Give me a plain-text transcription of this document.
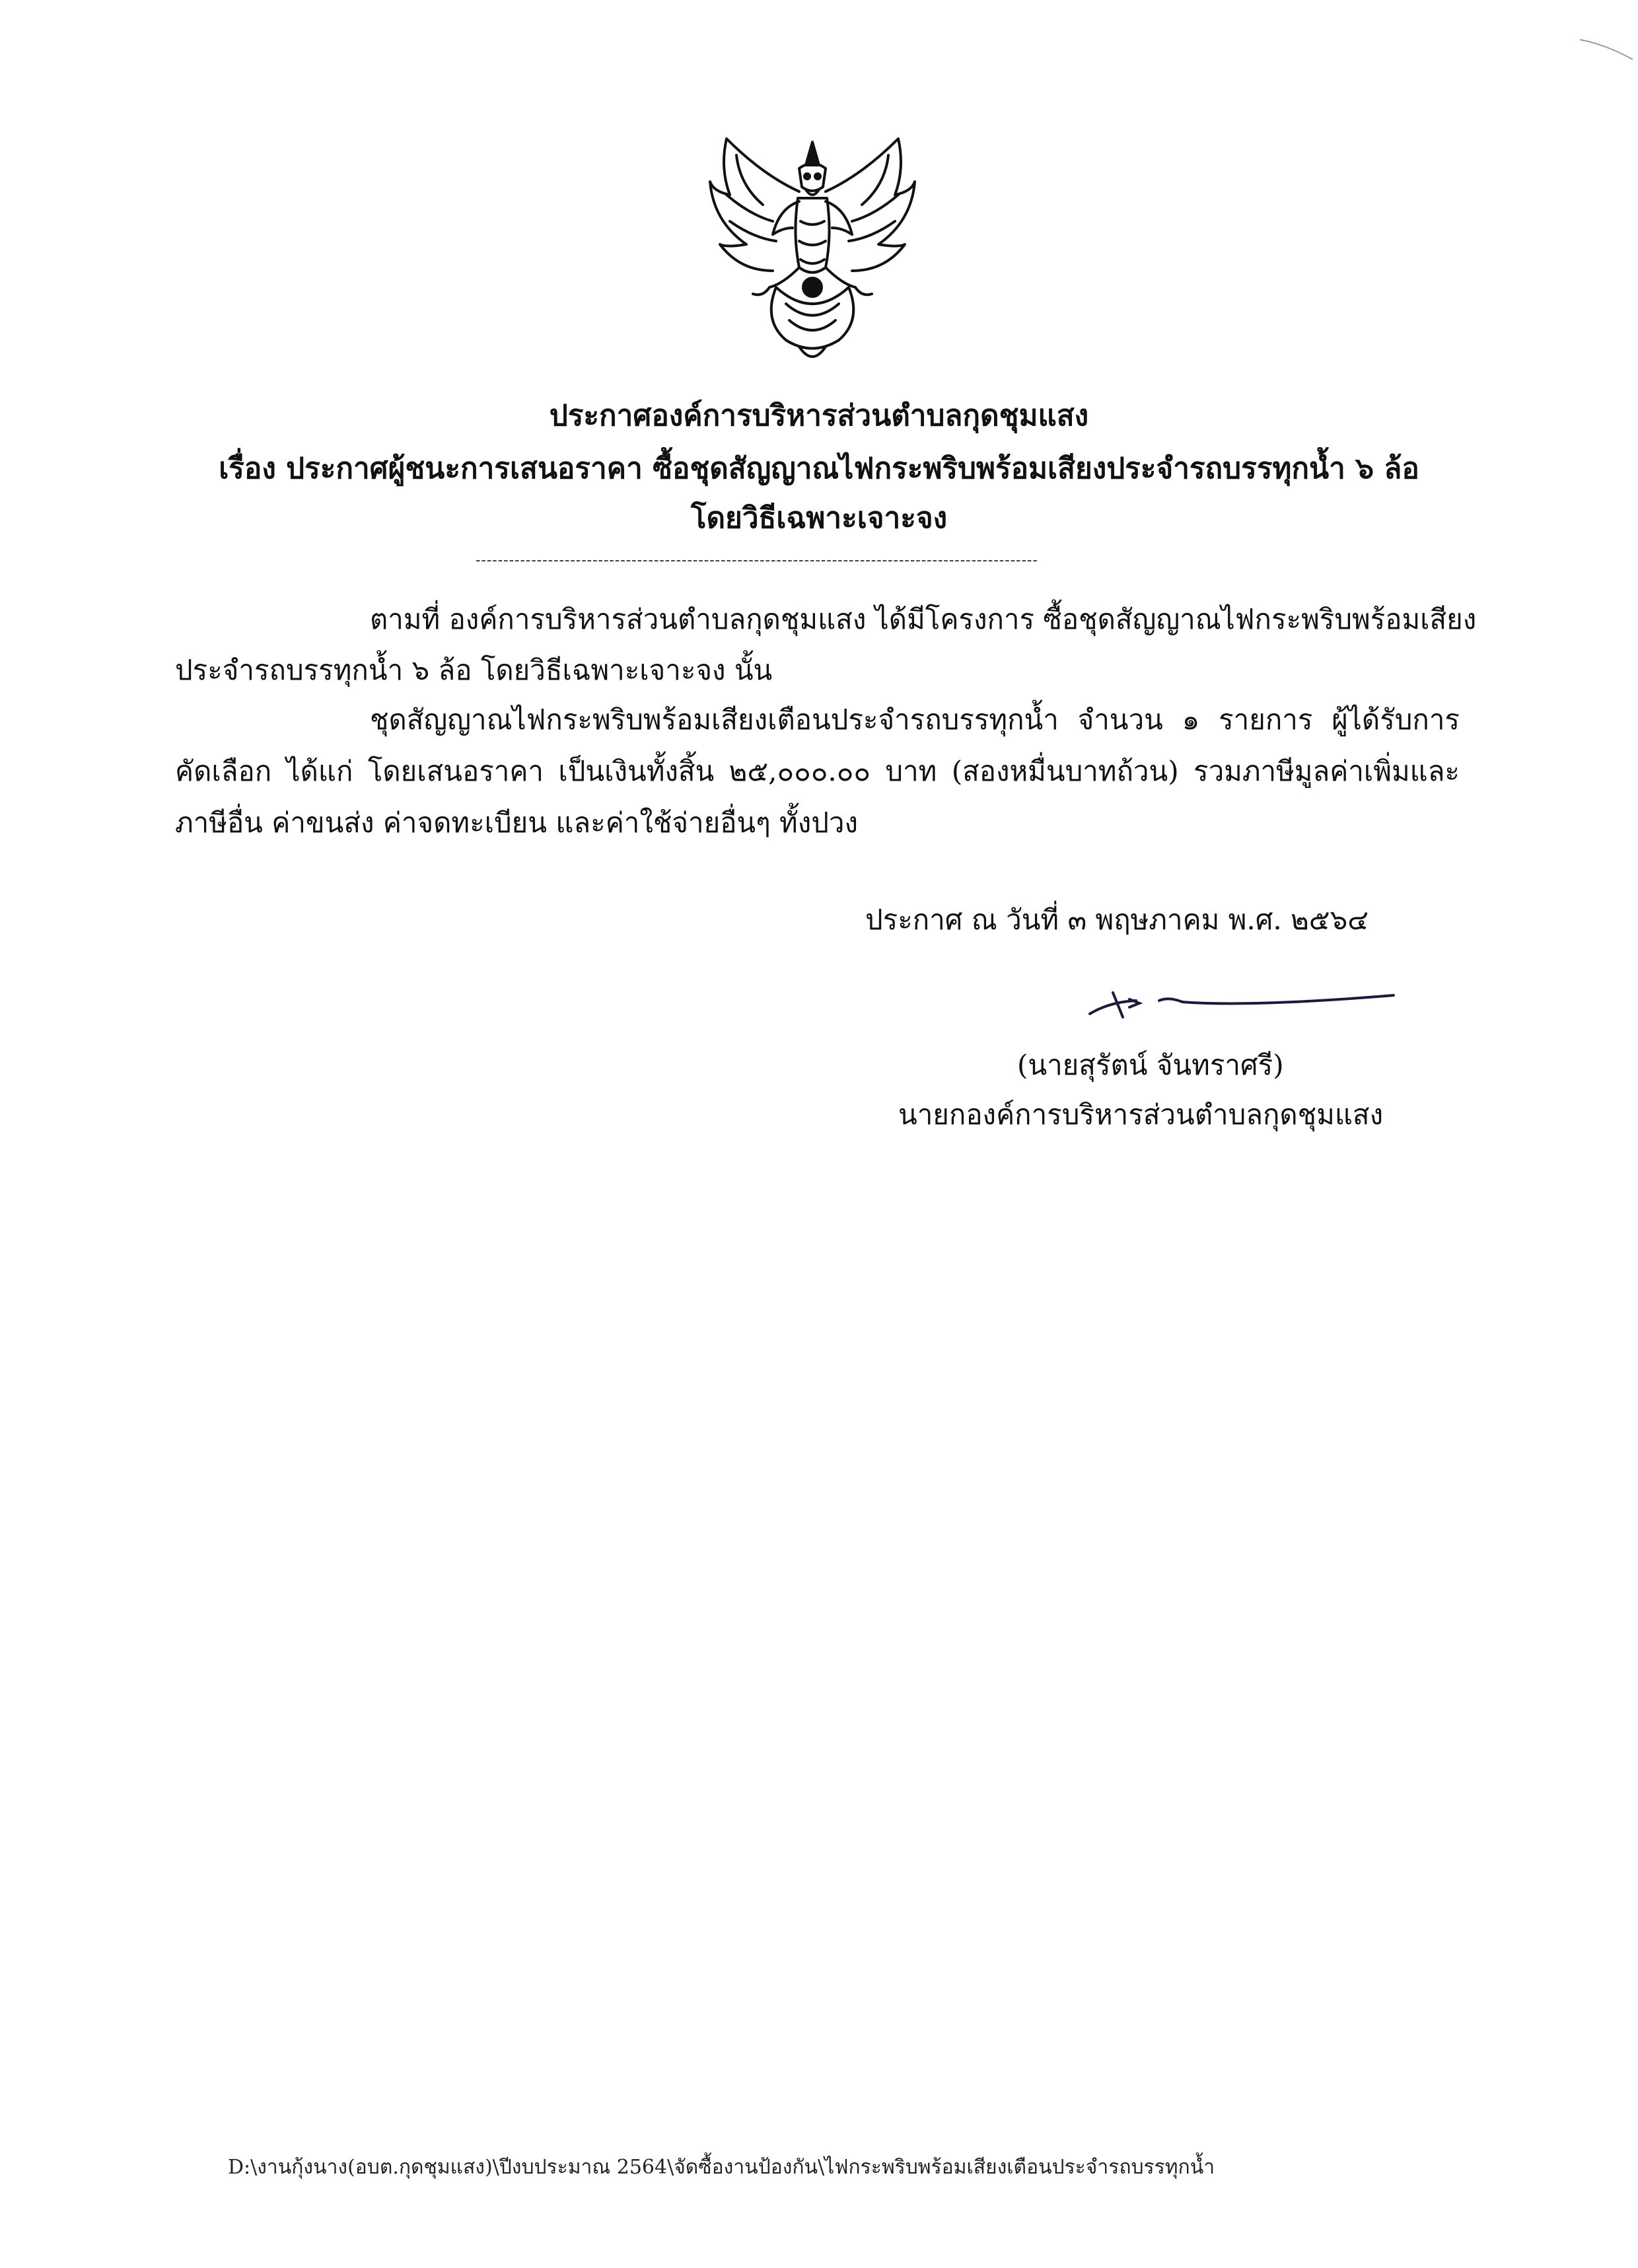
ประกาศองค์การบริหารส่วนตำบลกุดชุมแสง
เรื่อง ประกาศผู้ชนะการเสนอราคา ซื้อชุดสัญญาณไฟกระพริบพร้อมเสียงประจำรถบรรทุกน้ำ ๖ ล้อ
โดยวิธีเฉพาะเจาะจง
-----------------------------------------------------------------------------------------------------
ตามที่ องค์การบริหารส่วนตำบลกุดชุมแสง ได้มีโครงการ ซื้อชุดสัญญาณไฟกระพริบพร้อมเสียง
ประจำรถบรรทุกน้ำ ๖ ล้อ โดยวิธีเฉพาะเจาะจง นั้น
ชุดสัญญาณไฟกระพริบพร้อมเสียงเตือนประจำรถบรรทุกน้ำ จำนวน ๑ รายการ ผู้ได้รับการ
คัดเลือก ได้แก่ โดยเสนอราคา เป็นเงินทั้งสิ้น ๒๕,๐๐๐.๐๐ บาท (สองหมื่นบาทถ้วน) รวมภาษีมูลค่าเพิ่มและ
ภาษีอื่น ค่าขนส่ง ค่าจดทะเบียน และค่าใช้จ่ายอื่นๆ ทั้งปวง
ประกาศ ณ วันที่ ๓ พฤษภาคม พ.ศ. ๒๕๖๔
(นายสุรัตน์ จันทราศรี)
นายกองค์การบริหารส่วนตำบลกุดชุมแสง
D:\งานกุ้งนาง(อบต.กุดชุมแสง)\ปีงบประมาณ 2564\จัดซื้องานป้องกัน\ไฟกระพริบพร้อมเสียงเตือนประจำรถบรรทุกน้ำ
